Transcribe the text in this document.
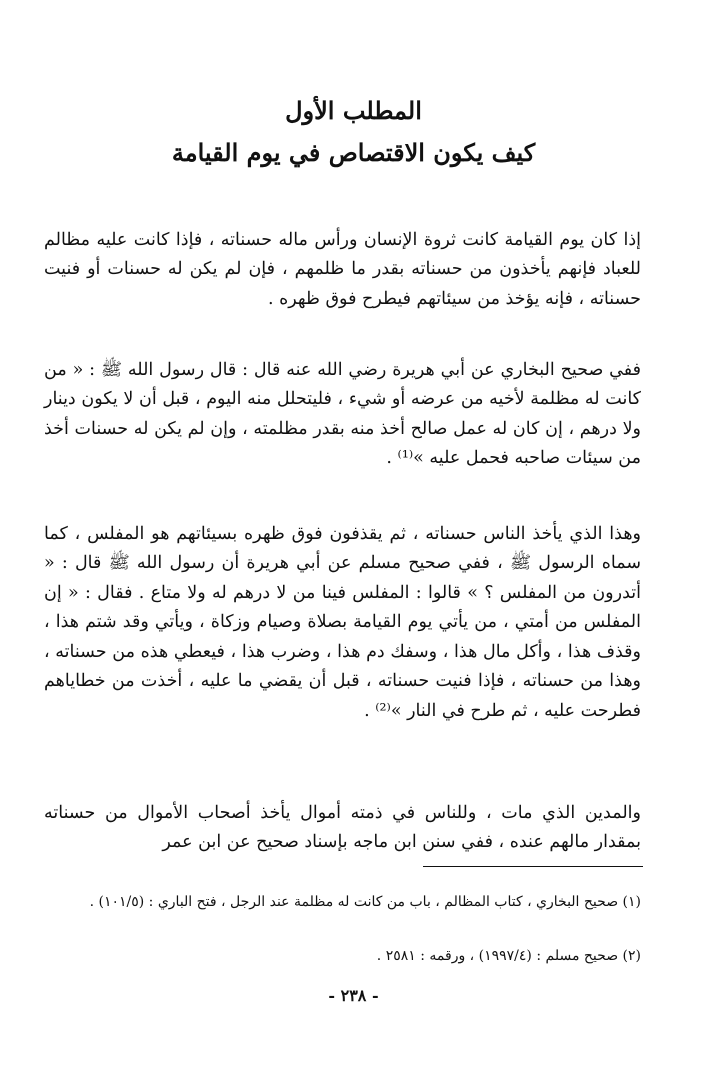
المطلب الأول
كيف يكون الاقتصاص في يوم القيامة

إذا كان يوم القيامة كانت ثروة الإنسان ورأس ماله حسناته ، فإذا كانت عليه مظالم للعباد فإنهم يأخذون من حسناته بقدر ما ظلمهم ، فإن لم يكن له حسنات أو فنيت حسناته ، فإنه يؤخذ من سيئاتهم فيطرح فوق ظهره .

ففي صحيح البخاري عن أبي هريرة رضي الله عنه قال : قال رسول الله ﷺ : « من كانت له مظلمة لأخيه من عرضه أو شيء ، فليتحلل منه اليوم ، قبل أن لا يكون دينار ولا درهم ، إن كان له عمل صالح أخذ منه بقدر مظلمته ، وإن لم يكن له حسنات أخذ من سيئات صاحبه فحمل عليه »⁽¹⁾ .

وهذا الذي يأخذ الناس حسناته ، ثم يقذفون فوق ظهره بسيئاتهم هو المفلس ، كما سماه الرسول ﷺ ، ففي صحيح مسلم عن أبي هريرة أن رسول الله ﷺ قال : « أتدرون من المفلس ؟ » قالوا : المفلس فينا من لا درهم له ولا متاع . فقال : « إن المفلس من أمتي ، من يأتي يوم القيامة بصلاة وصيام وزكاة ، ويأتي وقد شتم هذا ، وقذف هذا ، وأكل مال هذا ، وسفك دم هذا ، وضرب هذا ، فيعطي هذه من حسناته ، وهذا من حسناته ، فإذا فنيت حسناته ، قبل أن يقضي ما عليه ، أخذت من خطاياهم فطرحت عليه ، ثم طرح في النار »⁽²⁾ .

والمدين الذي مات ، وللناس في ذمته أموال يأخذ أصحاب الأموال من حسناته بمقدار مالهم عنده ، ففي سنن ابن ماجه بإسناد صحيح عن ابن عمر

(١) صحيح البخاري ، كتاب المظالم ، باب من كانت له مظلمة عند الرجل ، فتح الباري : (١٠١/٥) .

(٢) صحيح مسلم : (١٩٩٧/٤) ، ورقمه : ٢٥٨١ .

- ٢٣٨ -
